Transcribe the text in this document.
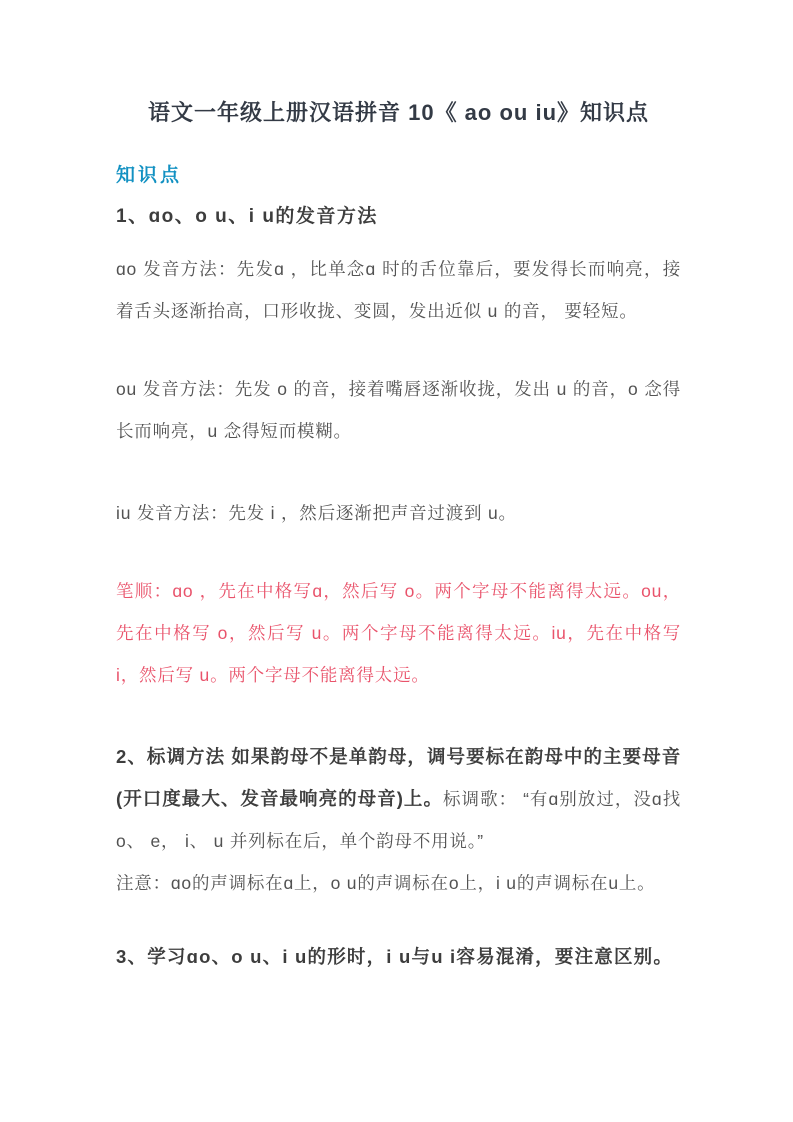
语文一年级上册汉语拼音 10《 ao ou iu》知识点
知识点
1、ɑo、o u、i u的发音方法
ɑo 发音方法：先发ɑ ，比单念ɑ 时的舌位靠后，要发得长而响亮，接着舌头逐渐抬高，口形收拢、变圆，发出近似 u 的音， 要轻短。
ou 发音方法：先发 o 的音，接着嘴唇逐渐收拢，发出 u 的音，o 念得长而响亮，u 念得短而模糊。
iu 发音方法：先发 i ，然后逐渐把声音过渡到 u。
笔顺：ɑo ，先在中格写ɑ，然后写 o。两个字母不能离得太远。ou，先在中格写 o，然后写 u。两个字母不能离得太远。iu，先在中格写 i，然后写 u。两个字母不能离得太远。
2、标调方法 如果韵母不是单韵母，调号要标在韵母中的主要母音(开口度最大、发音最响亮的母音)上。标调歌： “有ɑ别放过，没ɑ找 o、 e， i、 u 并列标在后，单个韵母不用说。”
注意：ɑo的声调标在ɑ上，o u的声调标在o上，i u的声调标在u上。
3、学习ɑo、o u、i u的形时，i u与u i容易混淆，要注意区别。
